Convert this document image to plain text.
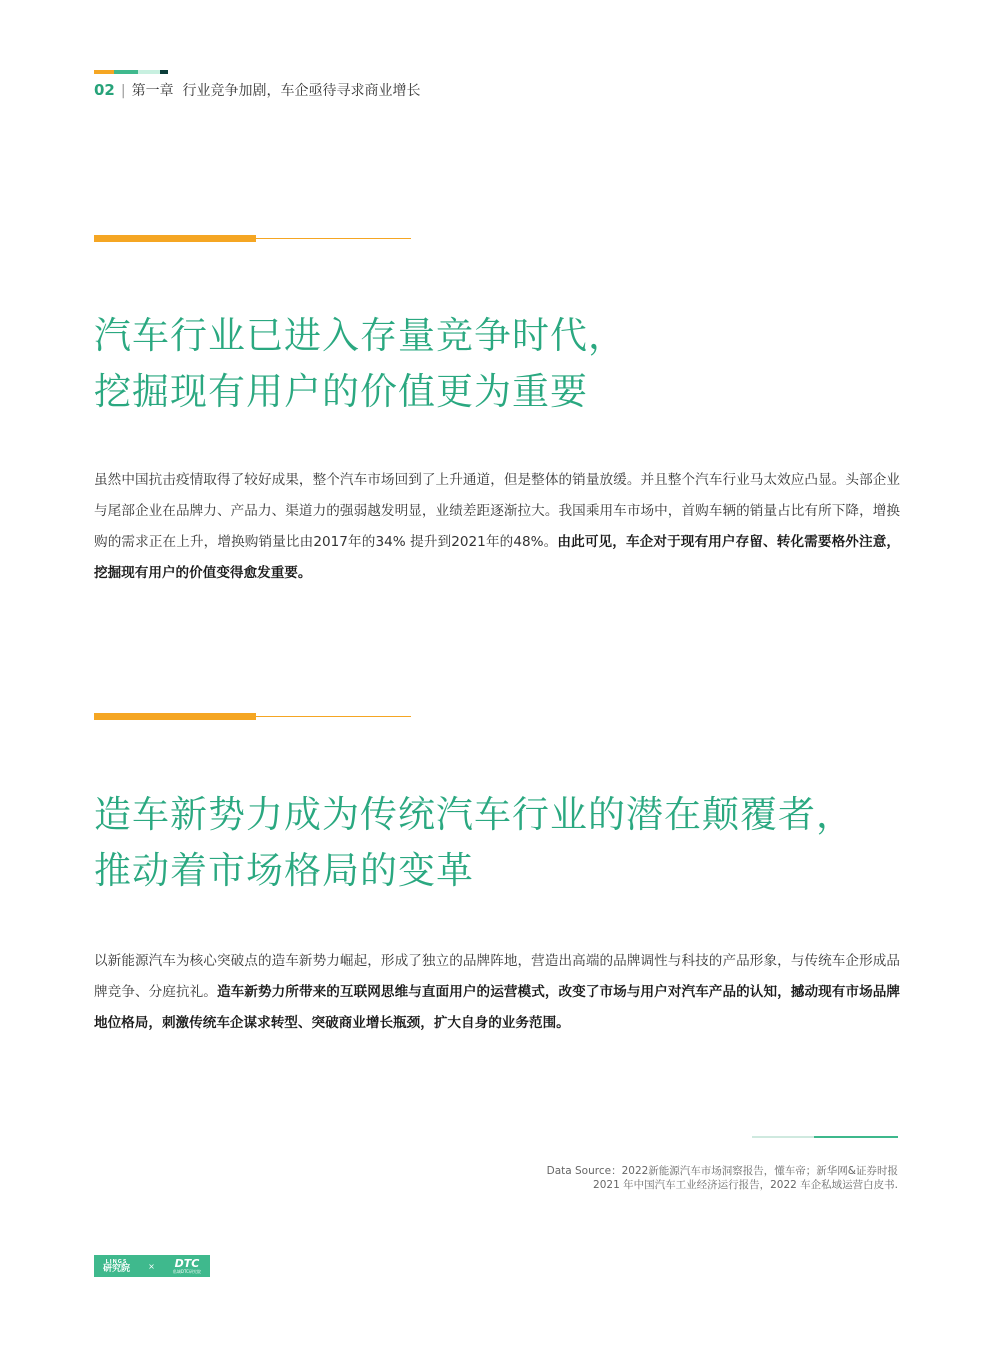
02 | 第一章  行业竞争加剧，车企亟待寻求商业增长
汽车行业已进入存量竞争时代，
挖掘现有用户的价值更为重要

虽然中国抗击疫情取得了较好成果，整个汽车市场回到了上升通道，但是整体的销量放缓。并且整个汽车行业马太效应凸显。头部企业与尾部企业在品牌力、产品力、渠道力的强弱越发明显，业绩差距逐渐拉大。我国乘用车市场中，首购车辆的销量占比有所下降，增换购的需求正在上升，增换购销量比由2017年的34% 提升到2021年的48%。由此可见，车企对于现有用户存留、转化需要格外注意，挖掘现有用户的价值变得愈发重要。

造车新势力成为传统汽车行业的潜在颠覆者，
推动着市场格局的变革

以新能源汽车为核心突破点的造车新势力崛起，形成了独立的品牌阵地，营造出高端的品牌调性与科技的产品形象，与传统车企形成品牌竞争、分庭抗礼。造车新势力所带来的互联网思维与直面用户的运营模式，改变了市场与用户对汽车产品的认知，撼动现有市场品牌地位格局，刺激传统车企谋求转型、突破商业增长瓶颈，扩大自身的业务范围。

Data Source：2022新能源汽车市场洞察报告，懂车帝；新华网&证券时报
2021 年中国汽车工业经济运行报告，2022 车企私域运营白皮书.
LINGS
研究院 × DTC
私域DTC研究院
